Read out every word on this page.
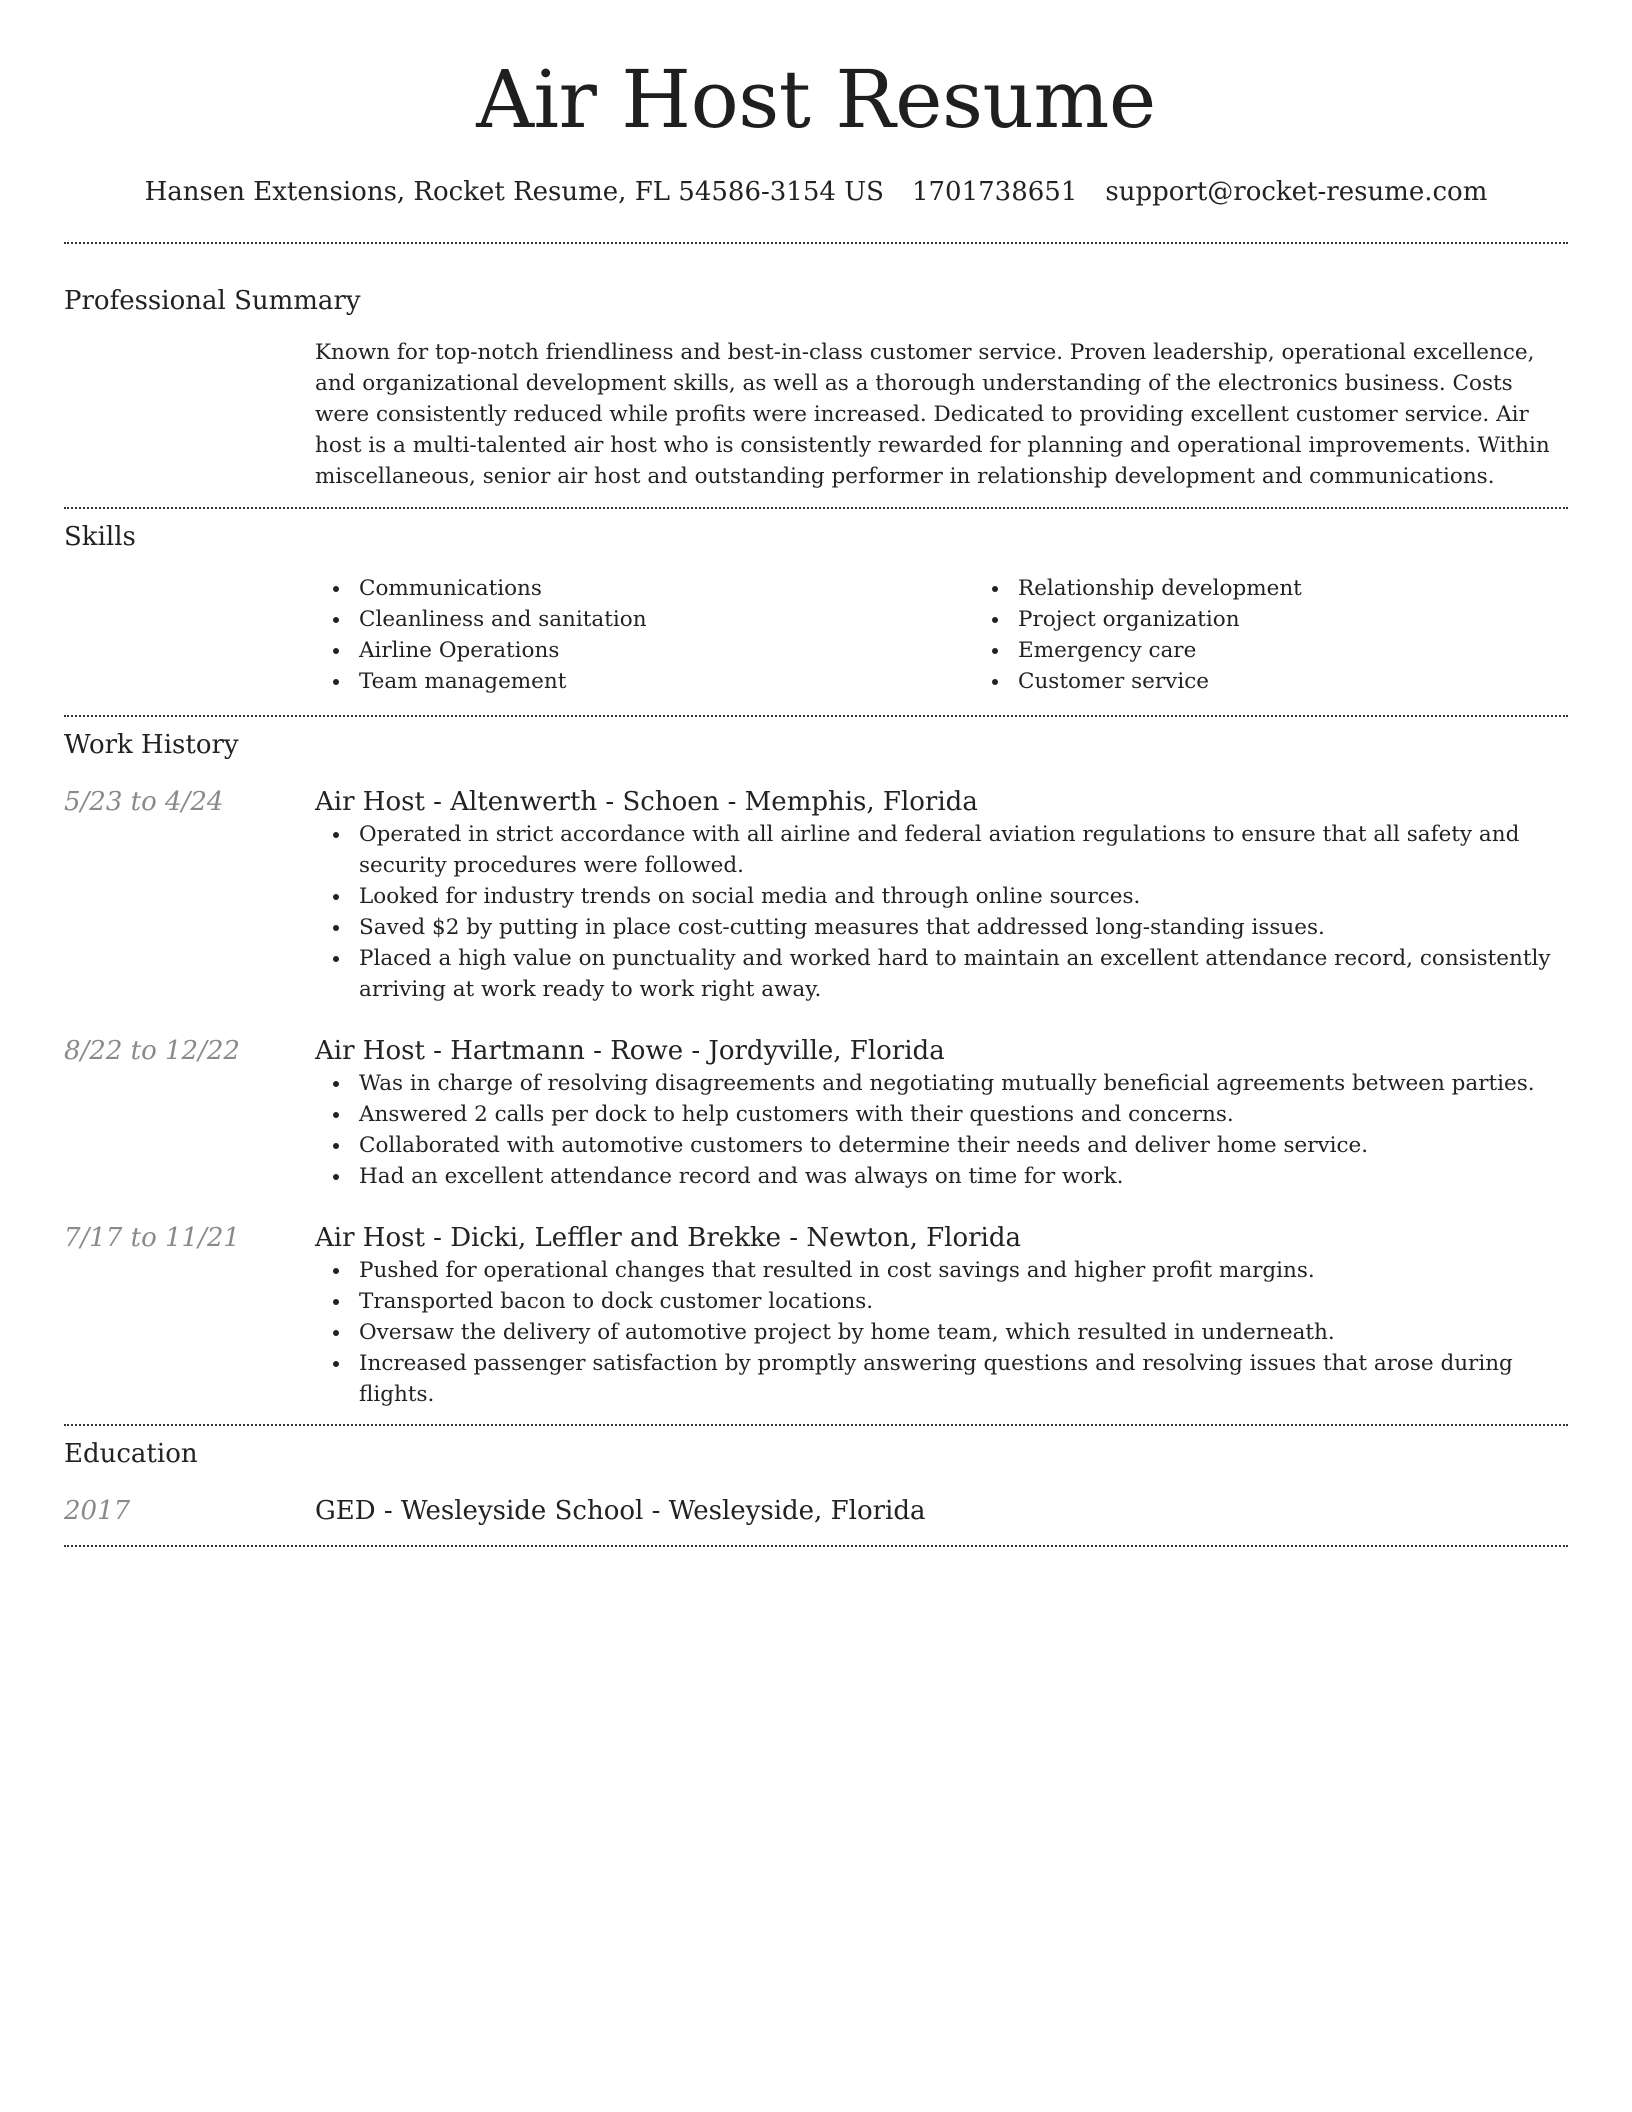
Air Host Resume
Hansen Extensions, Rocket Resume, FL 54586-3154 US 1701738651 support@rocket-resume.com
Professional Summary

Known for top-notch friendliness and best-in-class customer service. Proven leadership, operational excellence, and organizational development skills, as well as a thorough understanding of the electronics business. Costs were consistently reduced while profits were increased. Dedicated to providing excellent customer service. Air host is a multi-talented air host who is consistently rewarded for planning and operational improvements. Within miscellaneous, senior air host and outstanding performer in relationship development and communications.

Skills
Communications
Cleanliness and sanitation
Airline Operations
Team management
Relationship development
Project organization
Emergency care
Customer service
Work History
5/23 to 4/24	Air Host - Altenwerth - Schoen - Memphis, Florida
Operated in strict accordance with all airline and federal aviation regulations to ensure that all safety and security procedures were followed.
Looked for industry trends on social media and through online sources.
Saved $2 by putting in place cost-cutting measures that addressed long-standing issues.
Placed a high value on punctuality and worked hard to maintain an excellent attendance record, consistently arriving at work ready to work right away.
8/22 to 12/22	Air Host - Hartmann - Rowe - Jordyville, Florida
Was in charge of resolving disagreements and negotiating mutually beneficial agreements between parties.
Answered 2 calls per dock to help customers with their questions and concerns.
Collaborated with automotive customers to determine their needs and deliver home service.
Had an excellent attendance record and was always on time for work.
7/17 to 11/21	Air Host - Dicki, Leffler and Brekke - Newton, Florida
Pushed for operational changes that resulted in cost savings and higher profit margins.
Transported bacon to dock customer locations.
Oversaw the delivery of automotive project by home team, which resulted in underneath.
Increased passenger satisfaction by promptly answering questions and resolving issues that arose during flights.
Education
2017	GED - Wesleyside School - Wesleyside, Florida
